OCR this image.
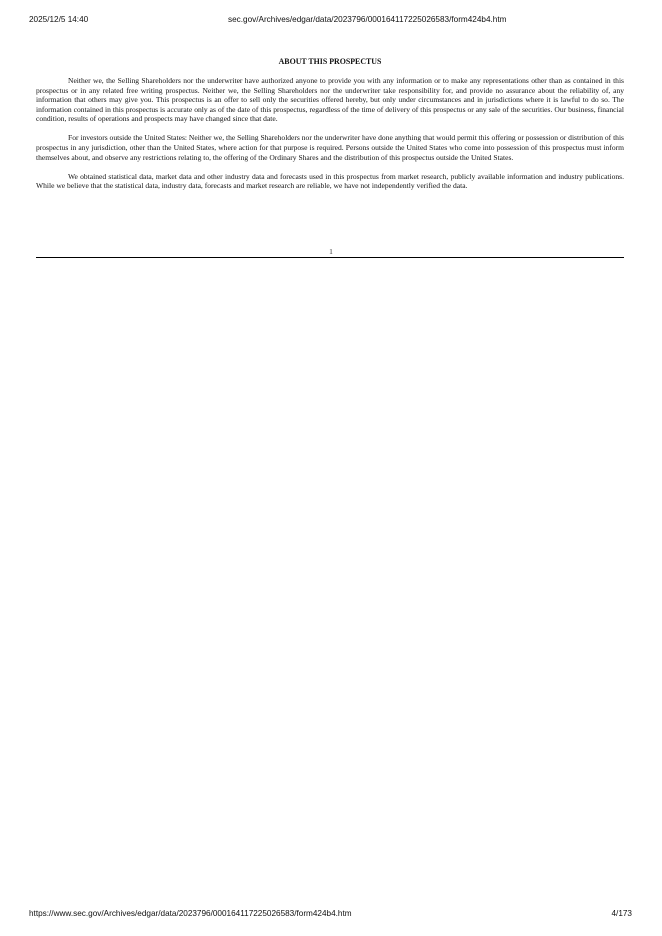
2025/12/5 14:40	sec.gov/Archives/edgar/data/2023796/000164117225026583/form424b4.htm
ABOUT THIS PROSPECTUS

Neither we, the Selling Shareholders nor the underwriter have authorized anyone to provide you with any information or to make any representations other than as contained in this prospectus or in any related free writing prospectus. Neither we, the Selling Shareholders nor the underwriter take responsibility for, and provide no assurance about the reliability of, any information that others may give you. This prospectus is an offer to sell only the securities offered hereby, but only under circumstances and in jurisdictions where it is lawful to do so. The information contained in this prospectus is accurate only as of the date of this prospectus, regardless of the time of delivery of this prospectus or any sale of the securities. Our business, financial condition, results of operations and prospects may have changed since that date.

For investors outside the United States: Neither we, the Selling Shareholders nor the underwriter have done anything that would permit this offering or possession or distribution of this prospectus in any jurisdiction, other than the United States, where action for that purpose is required. Persons outside the United States who come into possession of this prospectus must inform themselves about, and observe any restrictions relating to, the offering of the Ordinary Shares and the distribution of this prospectus outside the United States.

We obtained statistical data, market data and other industry data and forecasts used in this prospectus from market research, publicly available information and industry publications. While we believe that the statistical data, industry data, forecasts and market research are reliable, we have not independently verified the data.

1
https://www.sec.gov/Archives/edgar/data/2023796/000164117225026583/form424b4.htm	4/173
